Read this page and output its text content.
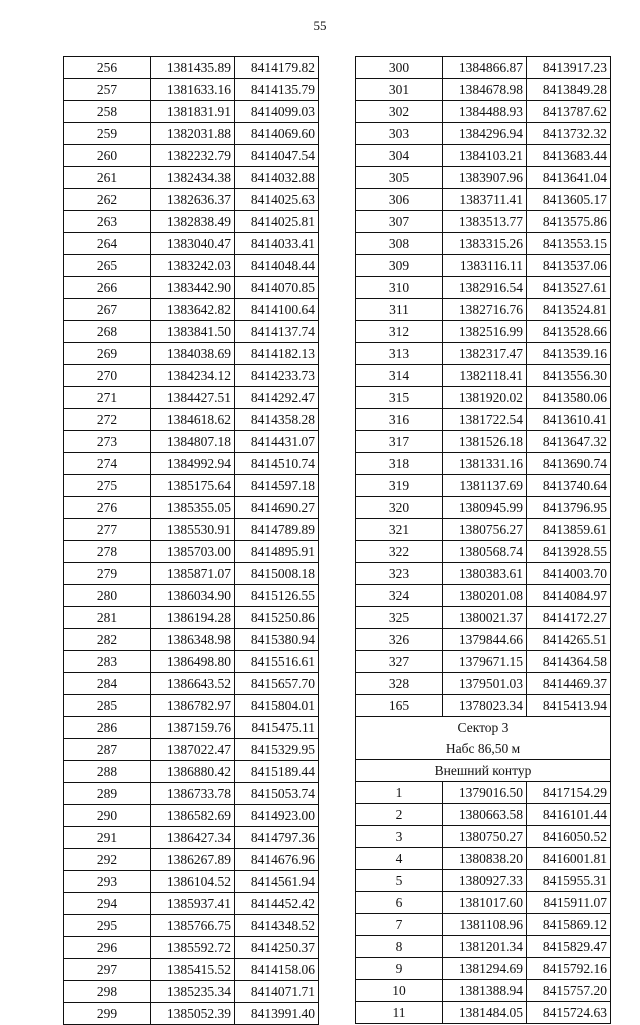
55
256	1381435.89	8414179.82
257	1381633.16	8414135.79
258	1381831.91	8414099.03
259	1382031.88	8414069.60
260	1382232.79	8414047.54
261	1382434.38	8414032.88
262	1382636.37	8414025.63
263	1382838.49	8414025.81
264	1383040.47	8414033.41
265	1383242.03	8414048.44
266	1383442.90	8414070.85
267	1383642.82	8414100.64
268	1383841.50	8414137.74
269	1384038.69	8414182.13
270	1384234.12	8414233.73
271	1384427.51	8414292.47
272	1384618.62	8414358.28
273	1384807.18	8414431.07
274	1384992.94	8414510.74
275	1385175.64	8414597.18
276	1385355.05	8414690.27
277	1385530.91	8414789.89
278	1385703.00	8414895.91
279	1385871.07	8415008.18
280	1386034.90	8415126.55
281	1386194.28	8415250.86
282	1386348.98	8415380.94
283	1386498.80	8415516.61
284	1386643.52	8415657.70
285	1386782.97	8415804.01
286	1387159.76	8415475.11
287	1387022.47	8415329.95
288	1386880.42	8415189.44
289	1386733.78	8415053.74
290	1386582.69	8414923.00
291	1386427.34	8414797.36
292	1386267.89	8414676.96
293	1386104.52	8414561.94
294	1385937.41	8414452.42
295	1385766.75	8414348.52
296	1385592.72	8414250.37
297	1385415.52	8414158.06
298	1385235.34	8414071.71
299	1385052.39	8413991.40
300	1384866.87	8413917.23
301	1384678.98	8413849.28
302	1384488.93	8413787.62
303	1384296.94	8413732.32
304	1384103.21	8413683.44
305	1383907.96	8413641.04
306	1383711.41	8413605.17
307	1383513.77	8413575.86
308	1383315.26	8413553.15
309	1383116.11	8413537.06
310	1382916.54	8413527.61
311	1382716.76	8413524.81
312	1382516.99	8413528.66
313	1382317.47	8413539.16
314	1382118.41	8413556.30
315	1381920.02	8413580.06
316	1381722.54	8413610.41
317	1381526.18	8413647.32
318	1381331.16	8413690.74
319	1381137.69	8413740.64
320	1380945.99	8413796.95
321	1380756.27	8413859.61
322	1380568.74	8413928.55
323	1380383.61	8414003.70
324	1380201.08	8414084.97
325	1380021.37	8414172.27
326	1379844.66	8414265.51
327	1379671.15	8414364.58
328	1379501.03	8414469.37
165	1378023.34	8415413.94
Сектор 3		
Набс 86,50 м		
Внешний контур		
1	1379016.50	8417154.29
2	1380663.58	8416101.44
3	1380750.27	8416050.52
4	1380838.20	8416001.81
5	1380927.33	8415955.31
6	1381017.60	8415911.07
7	1381108.96	8415869.12
8	1381201.34	8415829.47
9	1381294.69	8415792.16
10	1381388.94	8415757.20
11	1381484.05	8415724.63
